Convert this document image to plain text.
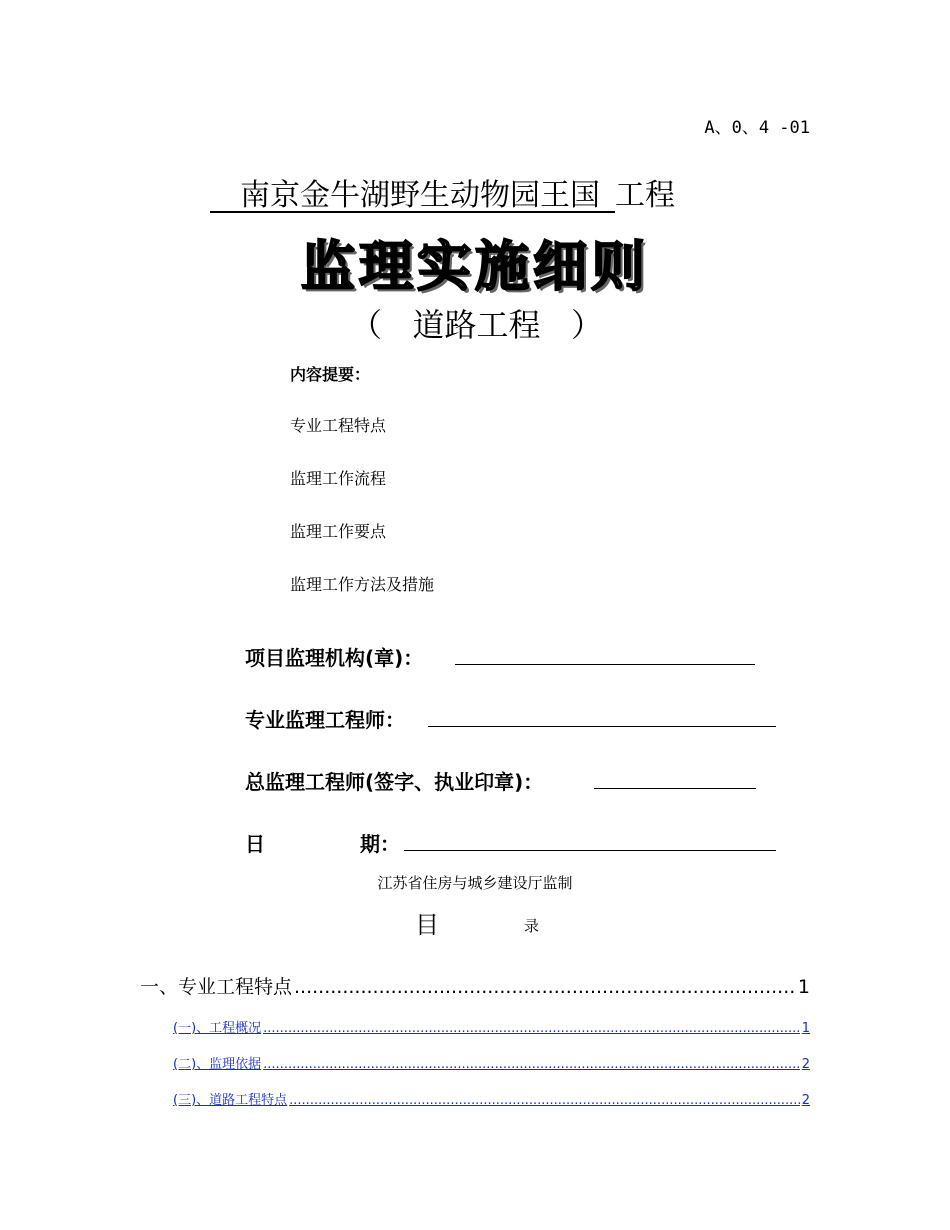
A、0、4 -01
 南京金牛湖野生动物园王国  工程
监理实施细则
（   道路工程   ）
内容提要：
专业工程特点
监理工作流程
监理工作要点
监理工作方法及措施
项目监理机构(章)：
专业监理工程师：
总监理工程师(签字、执业印章)：
日	期：
江苏省住房与城乡建设厅监制
目	录
一、专业工程特点 .....	1
(一)、工程概况 .....	1
(二)、监理依据 .....	2
(三)、道路工程特点 .....	2
